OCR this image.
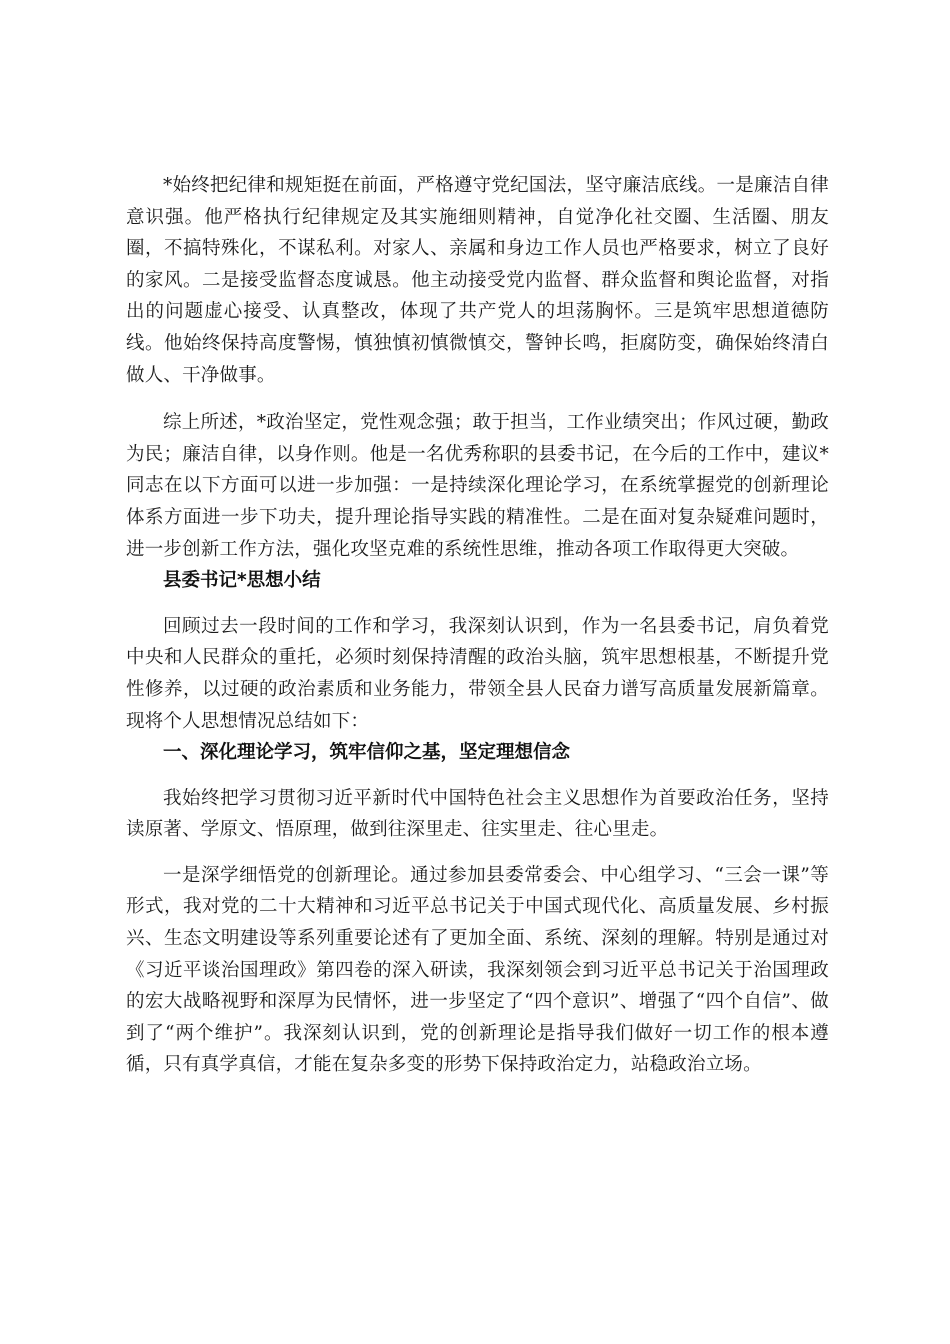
*始终把纪律和规矩挺在前面，严格遵守党纪国法，坚守廉洁底线。一是廉洁自律意识强。他严格执行纪律规定及其实施细则精神，自觉净化社交圈、生活圈、朋友圈，不搞特殊化，不谋私利。对家人、亲属和身边工作人员也严格要求，树立了良好的家风。二是接受监督态度诚恳。他主动接受党内监督、群众监督和舆论监督，对指出的问题虚心接受、认真整改，体现了共产党人的坦荡胸怀。三是筑牢思想道德防线。他始终保持高度警惕，慎独慎初慎微慎交，警钟长鸣，拒腐防变，确保始终清白做人、干净做事。

综上所述，*政治坚定，党性观念强；敢于担当，工作业绩突出；作风过硬，勤政为民；廉洁自律，以身作则。他是一名优秀称职的县委书记，在今后的工作中，建议*同志在以下方面可以进一步加强：一是持续深化理论学习，在系统掌握党的创新理论体系方面进一步下功夫，提升理论指导实践的精准性。二是在面对复杂疑难问题时，进一步创新工作方法，强化攻坚克难的系统性思维，推动各项工作取得更大突破。

县委书记*思想小结

回顾过去一段时间的工作和学习，我深刻认识到，作为一名县委书记，肩负着党中央和人民群众的重托，必须时刻保持清醒的政治头脑，筑牢思想根基，不断提升党性修养，以过硬的政治素质和业务能力，带领全县人民奋力谱写高质量发展新篇章。现将个人思想情况总结如下：

一、深化理论学习，筑牢信仰之基，坚定理想信念

我始终把学习贯彻习近平新时代中国特色社会主义思想作为首要政治任务，坚持读原著、学原文、悟原理，做到往深里走、往实里走、往心里走。

一是深学细悟党的创新理论。通过参加县委常委会、中心组学习、“三会一课”等形式，我对党的二十大精神和习近平总书记关于中国式现代化、高质量发展、乡村振兴、生态文明建设等系列重要论述有了更加全面、系统、深刻的理解。特别是通过对《习近平谈治国理政》第四卷的深入研读，我深刻领会到习近平总书记关于治国理政的宏大战略视野和深厚为民情怀，进一步坚定了“四个意识”、增强了“四个自信”、做到了“两个维护”。我深刻认识到，党的创新理论是指导我们做好一切工作的根本遵循，只有真学真信，才能在复杂多变的形势下保持政治定力，站稳政治立场。
